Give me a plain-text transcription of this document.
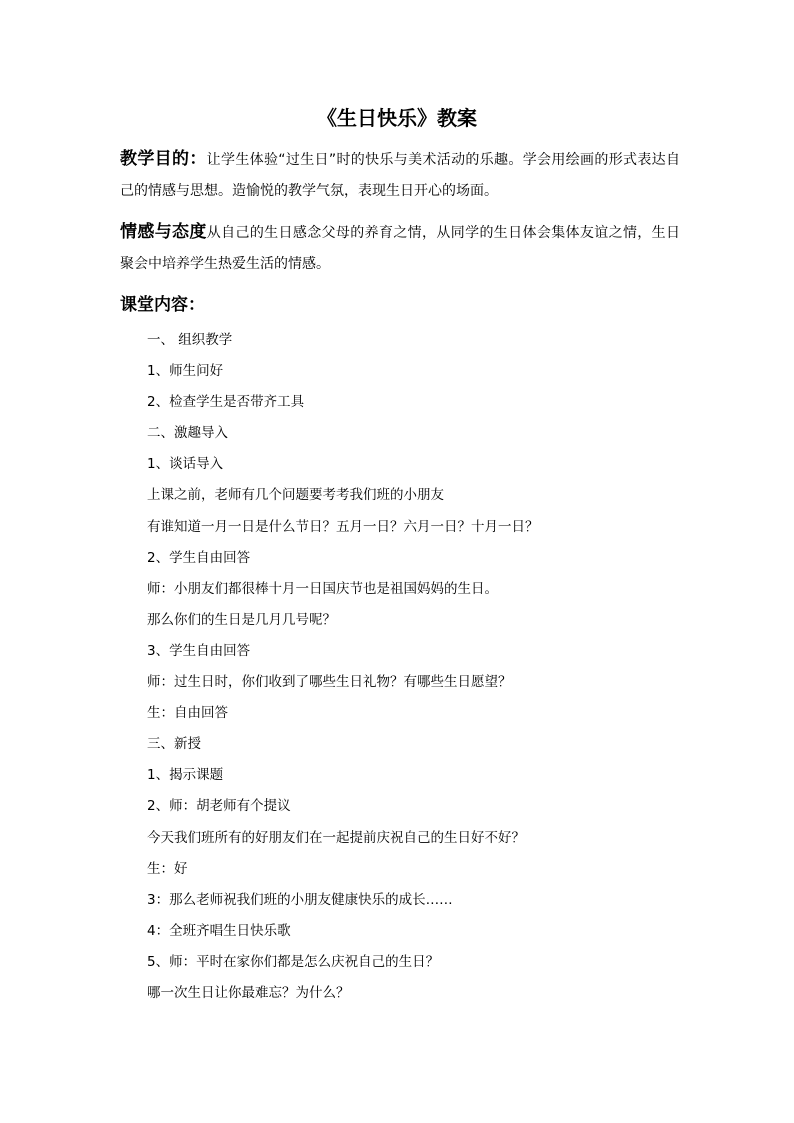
《生日快乐》教案
教学目的：让学生体验“过生日”时的快乐与美术活动的乐趣。学会用绘画的形式表达自己的情感与思想。造愉悦的教学气氛，表现生日开心的场面。
情感与态度从自己的生日感念父母的养育之情，从同学的生日体会集体友谊之情，生日聚会中培养学生热爱生活的情感。
课堂内容：
一、 组织教学
1、师生问好
2、检查学生是否带齐工具
二、激趣导入
1、谈话导入
上课之前，老师有几个问题要考考我们班的小朋友
有谁知道一月一日是什么节日？五月一日？六月一日？十月一日？
2、学生自由回答
师：小朋友们都很棒十月一日国庆节也是祖国妈妈的生日。
那么你们的生日是几月几号呢？
3、学生自由回答
师：过生日时，你们收到了哪些生日礼物？有哪些生日愿望？
生：自由回答
三、新授
1、揭示课题
2、师：胡老师有个提议
今天我们班所有的好朋友们在一起提前庆祝自己的生日好不好？
生：好
3：那么老师祝我们班的小朋友健康快乐的成长……
4：全班齐唱生日快乐歌
5、师：平时在家你们都是怎么庆祝自己的生日？
哪一次生日让你最难忘？为什么？
